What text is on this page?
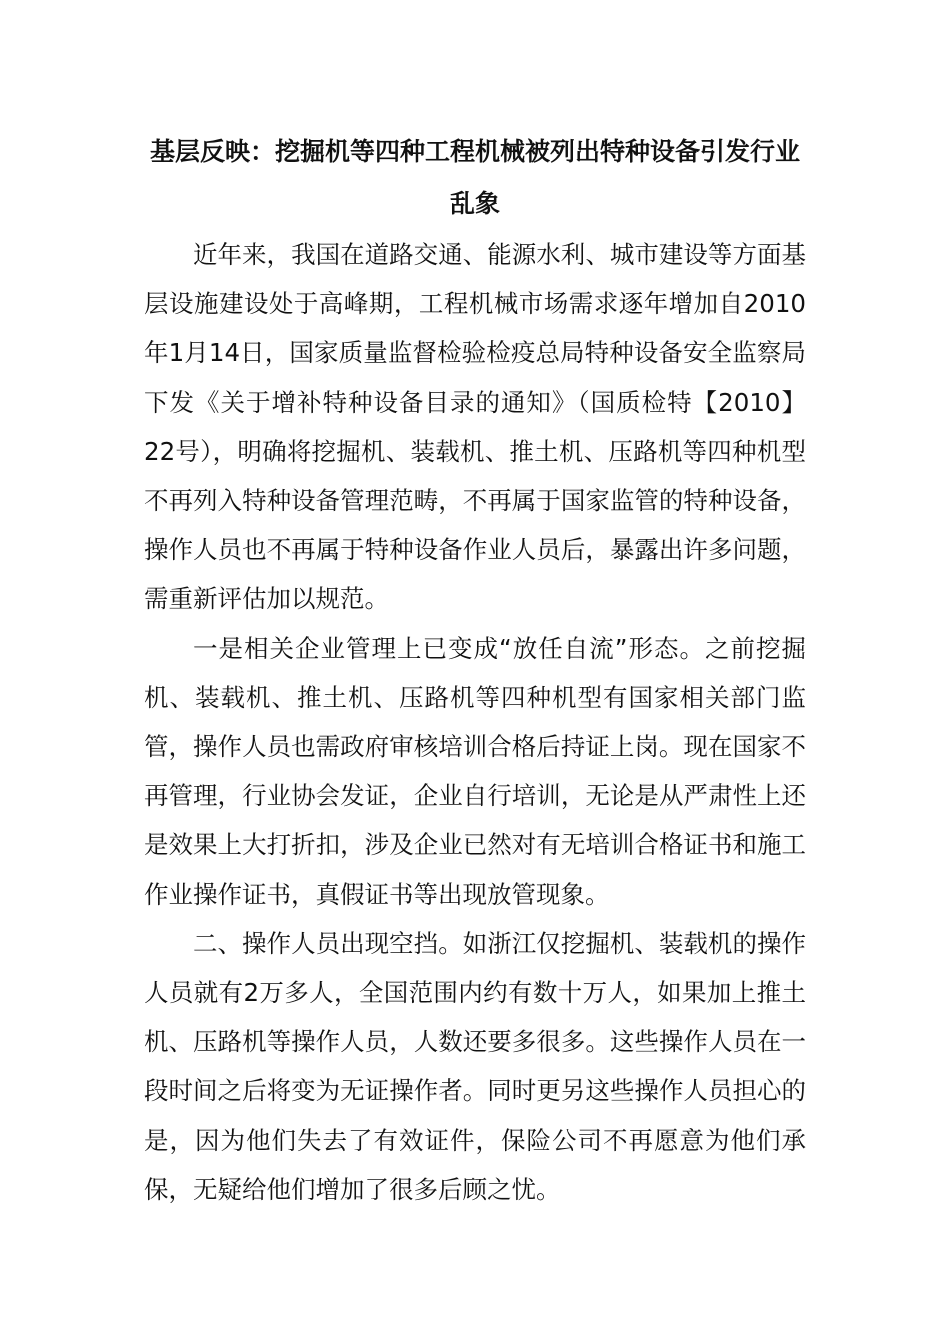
基层反映：挖掘机等四种工程机械被列出特种设备引发行业乱象

近年来，我国在道路交通、能源水利、城市建设等方面基层设施建设处于高峰期，工程机械市场需求逐年增加自2010年1月14日，国家质量监督检验检疫总局特种设备安全监察局下发《关于增补特种设备目录的通知》（国质检特【2010】22号），明确将挖掘机、装载机、推土机、压路机等四种机型不再列入特种设备管理范畴，不再属于国家监管的特种设备，操作人员也不再属于特种设备作业人员后，暴露出许多问题，需重新评估加以规范。

一是相关企业管理上已变成“放任自流”形态。之前挖掘机、装载机、推土机、压路机等四种机型有国家相关部门监管，操作人员也需政府审核培训合格后持证上岗。现在国家不再管理，行业协会发证，企业自行培训，无论是从严肃性上还是效果上大打折扣，涉及企业已然对有无培训合格证书和施工作业操作证书，真假证书等出现放管现象。

二、操作人员出现空挡。如浙江仅挖掘机、装载机的操作人员就有2万多人，全国范围内约有数十万人，如果加上推土机、压路机等操作人员，人数还要多很多。这些操作人员在一段时间之后将变为无证操作者。同时更另这些操作人员担心的是，因为他们失去了有效证件，保险公司不再愿意为他们承保，无疑给他们增加了很多后顾之忧。
